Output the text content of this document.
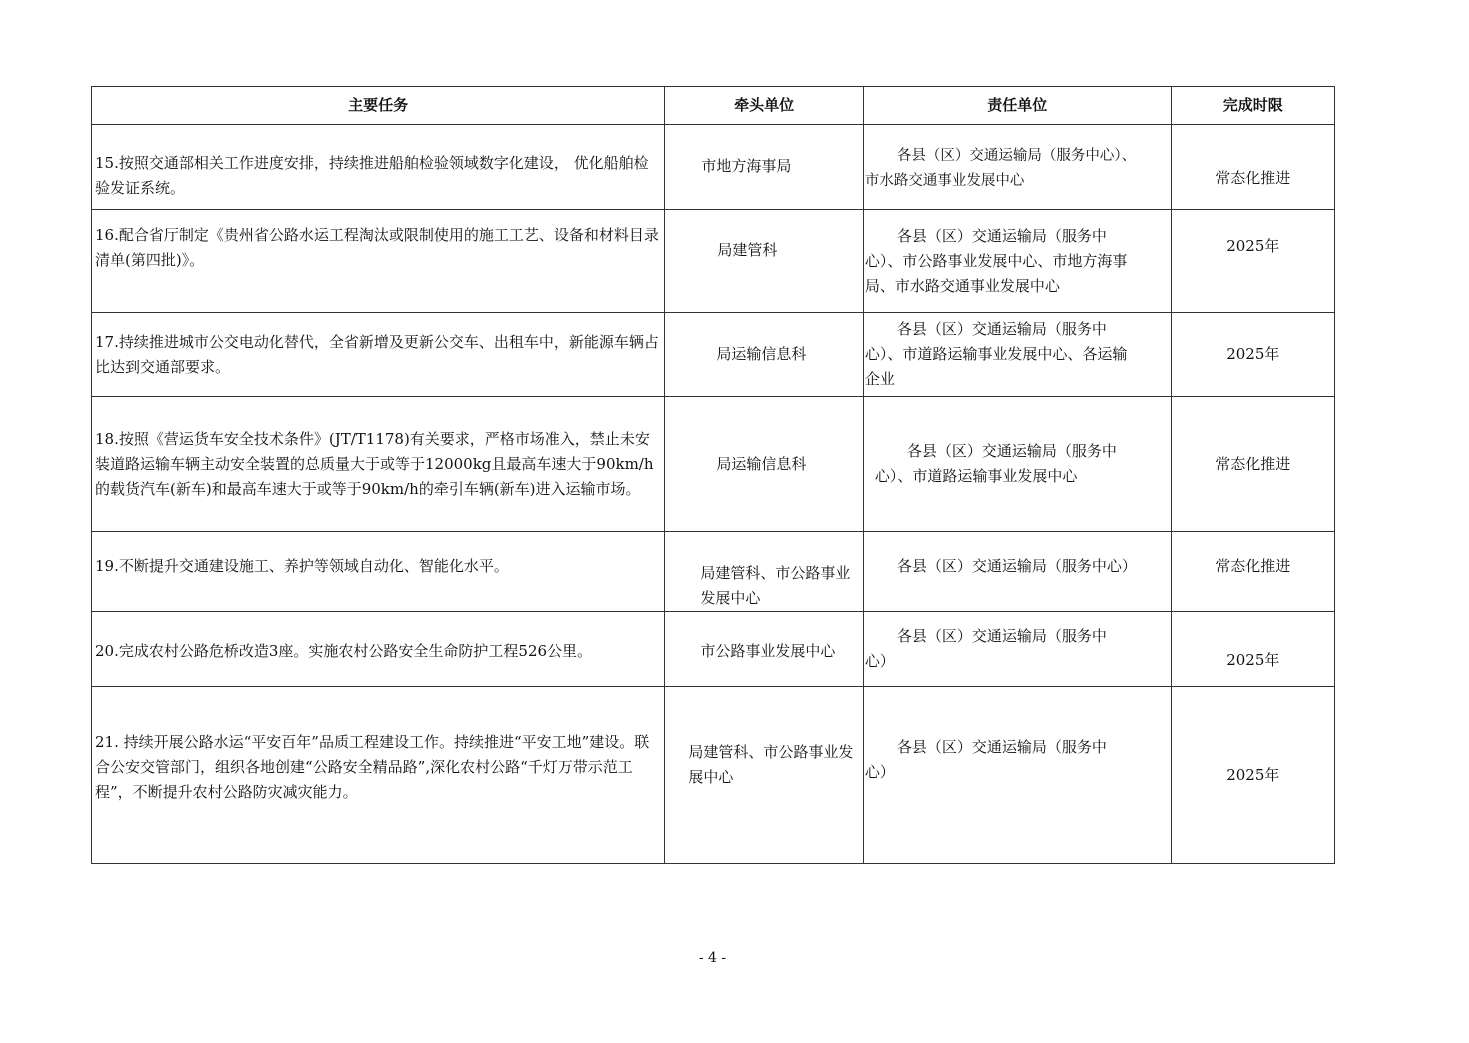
主要任务	牵头单位	责任单位	完成时限

15.按照交通部相关工作进度安排，持续推进船舶检验领域数字化建设， 优化船舶检验发证系统。	市地方海事局	各县（区）交通运输局（服务中心）、市水路交通事业发展中心	常态化推进

16.配合省厅制定《贵州省公路水运工程淘汰或限制使用的施工工艺、设备和材料目录 清单(第四批)》。	局建管科	各县（区）交通运输局（服务中心）、市公路事业发展中心、市地方海事局、市水路交通事业发展中心	2025年

17.持续推进城市公交电动化替代，全省新增及更新公交车、出租车中，新能源车辆占比达到交通部要求。	局运输信息科	各县（区）交通运输局（服务中心）、市道路运输事业发展中心、各运输企业	2025年

18.按照《营运货车安全技术条件》(JT/T1178)有关要求，严格市场准入，禁止未安装道路运输车辆主动安全装置的总质量大于或等于12000kg且最高车速大于90km/h的载货汽车(新车)和最高车速大于或等于90km/h的牵引车辆(新车)进入运输市场。	局运输信息科	各县（区）交通运输局（服务中心）、市道路运输事业发展中心	常态化推进

19.不断提升交通建设施工、养护等领域自动化、智能化水平。	局建管科、市公路事业发展中心	各县（区）交通运输局（服务中心）	常态化推进

20.完成农村公路危桥改造3座。实施农村公路安全生命防护工程526公里。	市公路事业发展中心	各县（区）交通运输局（服务中心）	2025年

21. 持续开展公路水运“平安百年”品质工程建设工作。持续推进“平安工地”建设。联合公安交管部门，组织各地创建“公路安全精品路”,深化农村公路“千灯万带示范工程”，不断提升农村公路防灾减灾能力。	局建管科、市公路事业发展中心	各县（区）交通运输局（服务中心）	2025年
- 4 -
